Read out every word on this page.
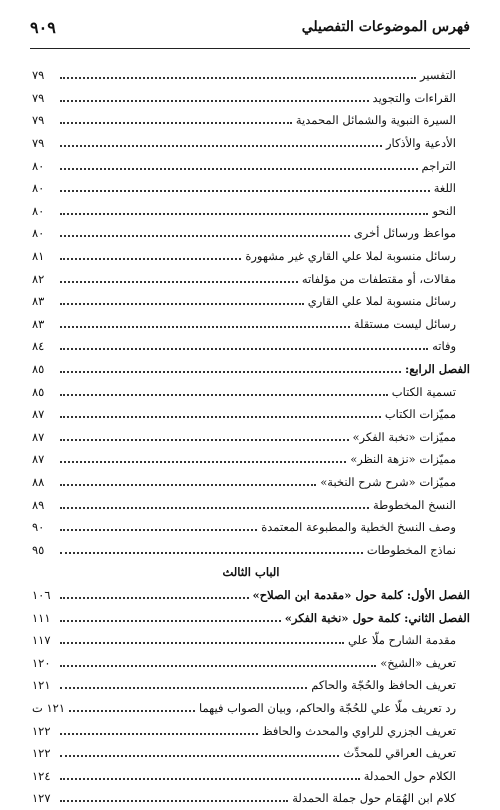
فهرس الموضوعات التفصيلي
٩٠٩
التفسير
٧٩
القراءات والتجويد
٧٩
السيرة النبوية والشمائل المحمدية
٧٩
الأدعية والأذكار
٧٩
التراجم
٨٠
اللغة
٨٠
النحو
٨٠
مواعظ ورسائل أخرى
٨٠
رسائل منسوبة لملا علي القاري غير مشهورة
٨١
مقالات، أو مقتطفات من مؤلفاته
٨٢
رسائل منسوبة لملا علي القاري
٨٣
رسائل ليست مستقلة
٨٣
وفاته
٨٤
الفصل الرابع:
٨٥
تسمية الكتاب
٨٥
مميّزات الكتاب
٨٧
مميّزات «نخبة الفكر»
٨٧
مميّزات «نزهة النظر»
٨٧
مميّزات «شرح شرح النخبة»
٨٨
النسخ المخطوطة
٨٩
وصف النسخ الخطية والمطبوعة المعتمدة
٩٠
نماذج المخطوطات
٩٥
الباب الثالث
الفصل الأول: كلمة حول «مقدمة ابن الصلاح»
١٠٦
الفصل الثاني: كلمة حول «نخبة الفكر»
١١١
مقدمة الشارح ملّا علي
١١٧
تعريف «الشيخ»
١٢٠
تعريف الحافظ والحُجّة والحاكم
١٢١
رد تعريف ملّا علي للحُجّة والحاكم، وبيان الصواب فيهما
١٢١ ت
تعريف الجزري للراوي والمحدث والحافظ
١٢٢
تعريف العراقي للمحدِّث
١٢٢
الكلام حول الحمدلة
١٢٤
كلام ابن الهُمَام حول جملة الحمدلة
١٢٧
